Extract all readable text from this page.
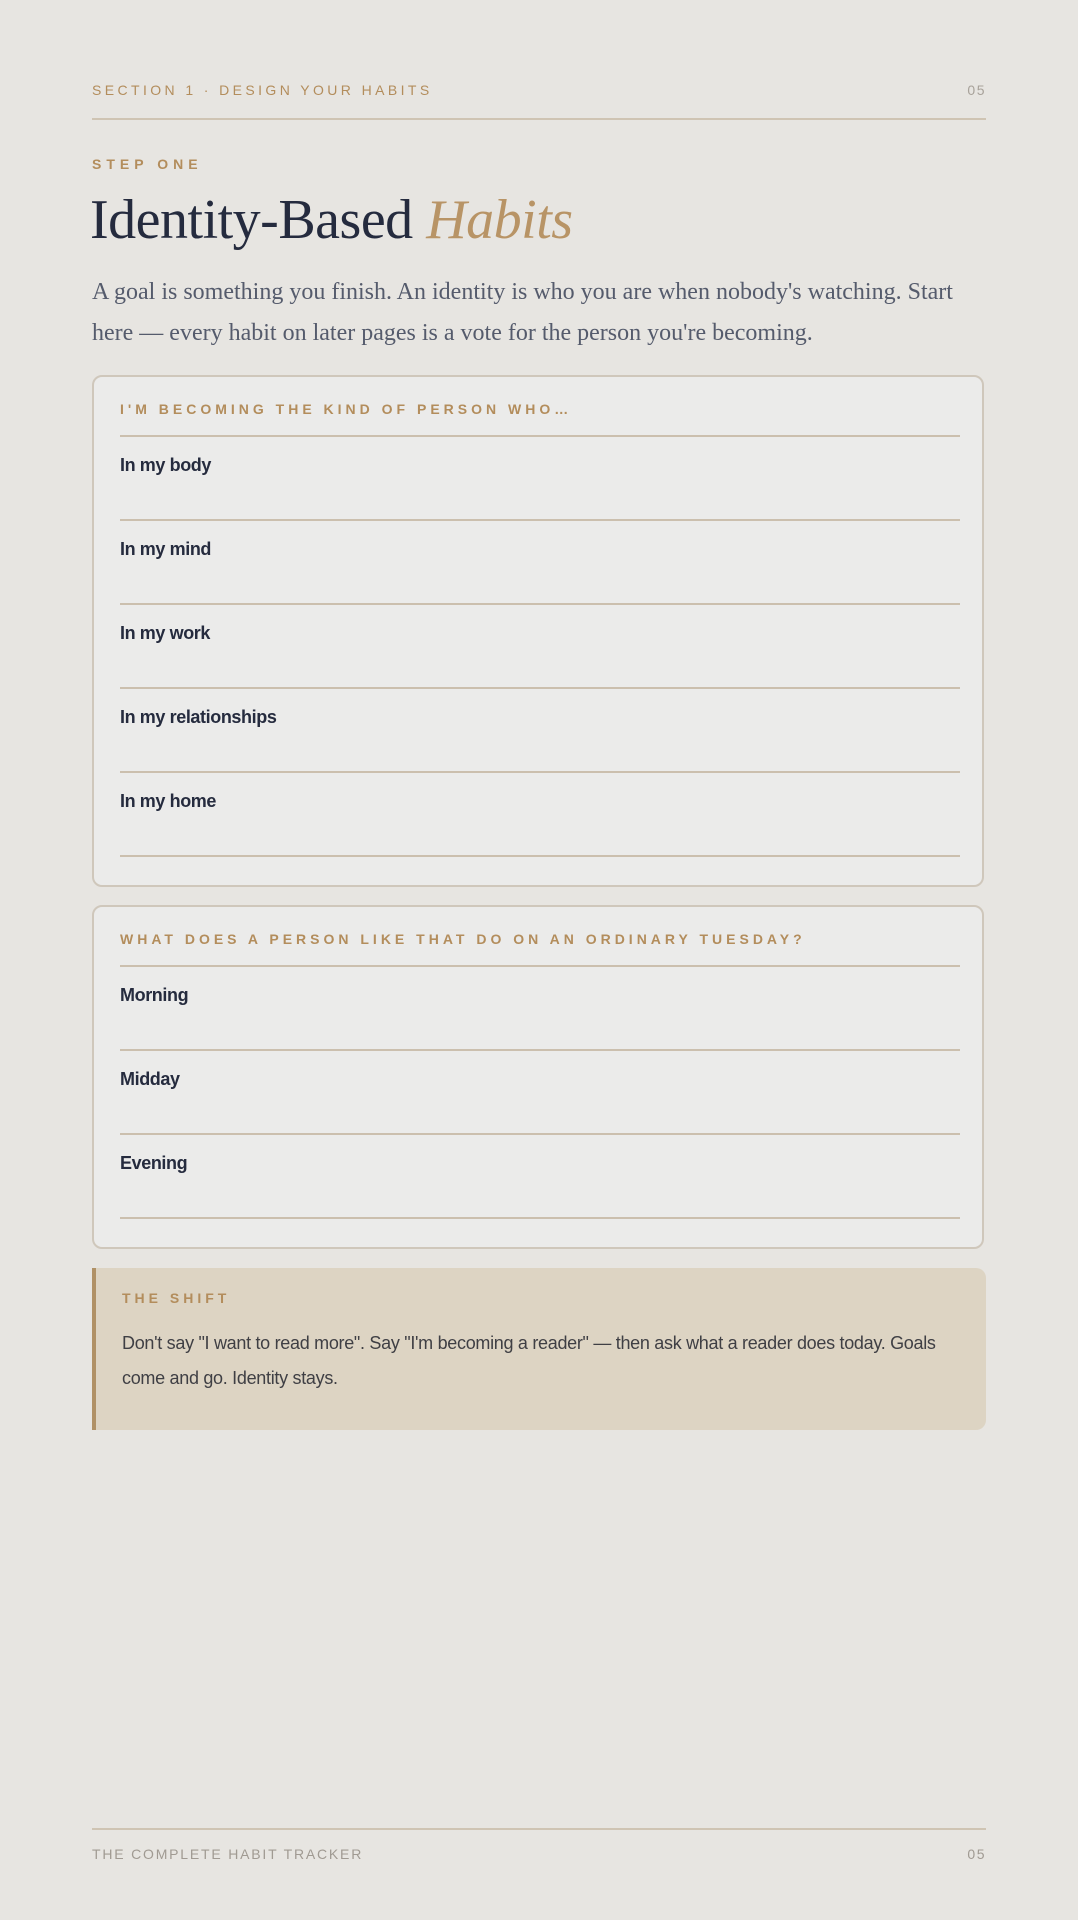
SECTION 1 · DESIGN YOUR HABITS	05
STEP ONE
Identity-Based Habits
A goal is something you finish. An identity is who you are when nobody's watching. Start here — every habit on later pages is a vote for the person you're becoming.
I'M BECOMING THE KIND OF PERSON WHO…
In my body
In my mind
In my work
In my relationships
In my home
WHAT DOES A PERSON LIKE THAT DO ON AN ORDINARY TUESDAY?
Morning
Midday
Evening
THE SHIFT
Don't say "I want to read more". Say "I'm becoming a reader" — then ask what a reader does today. Goals come and go. Identity stays.
THE COMPLETE HABIT TRACKER	05
